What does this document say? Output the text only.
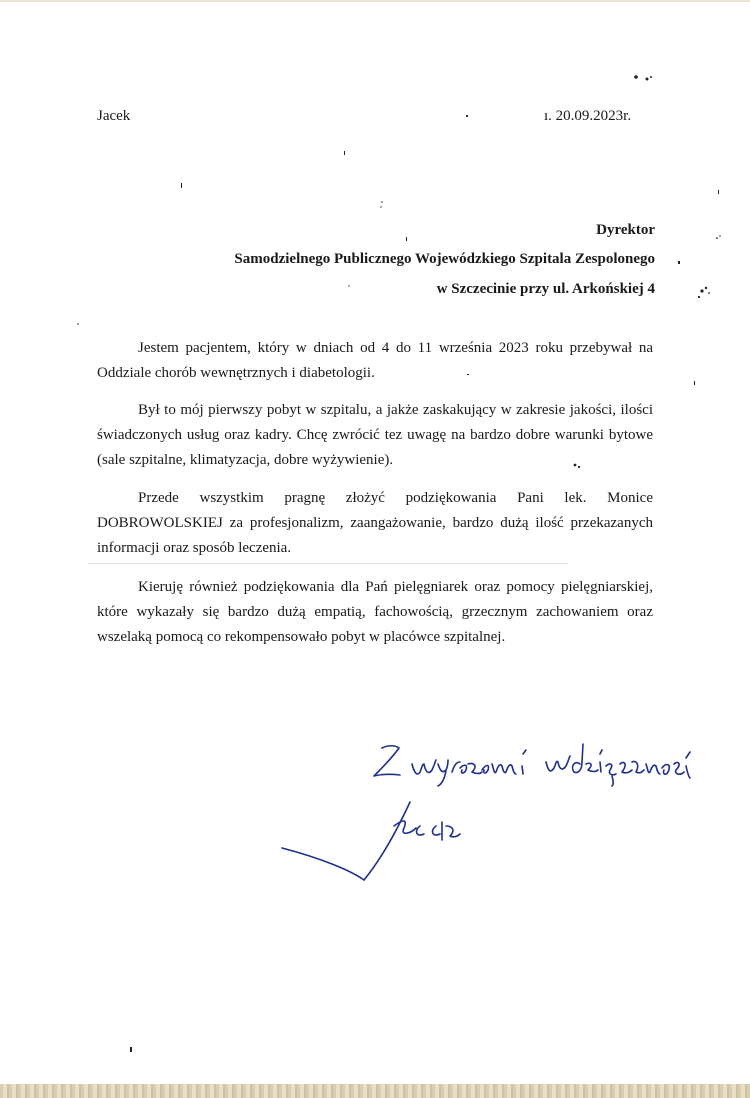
Jacek	ı. 20.09.2023r.
Dyrektor
Samodzielnego Publicznego Wojewódzkiego Szpitala Zespolonego
w Szczecinie przy ul. Arkońskiej 4

Jestem pacjentem, który w dniach od 4 do 11 września 2023 roku przebywał na Oddziale chorób wewnętrznych i diabetologii.

Był to mój pierwszy pobyt w szpitalu, a jakże zaskakujący w zakresie jakości, ilości świadczonych usług oraz kadry. Chcę zwrócić tez uwagę na bardzo dobre warunki bytowe (sale szpitalne, klimatyzacja, dobre wyżywienie).

Przede wszystkim pragnę złożyć podziękowania Pani lek. Monice DOBROWOLSKIEJ za profesjonalizm, zaangażowanie, bardzo dużą ilość przekazanych informacji oraz sposób leczenia.

Kieruję również podziękowania dla Pań pielęgniarek oraz pomocy pielęgniarskiej, które wykazały się bardzo dużą empatią, fachowością, grzecznym zachowaniem oraz wszelaką pomocą co rekompensowało pobyt w placówce szpitalnej.
